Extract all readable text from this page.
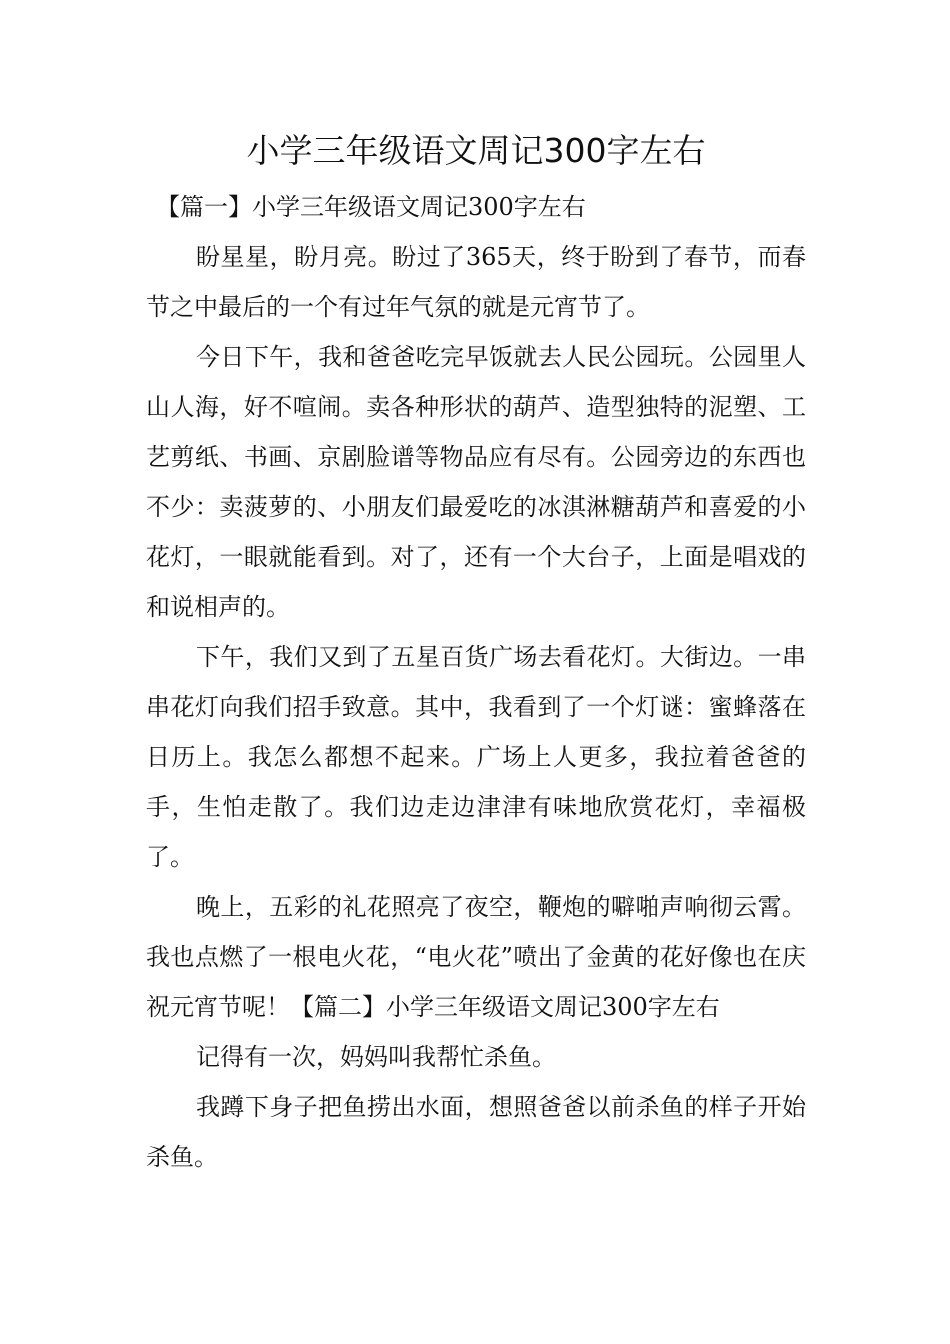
小学三年级语文周记300字左右

【篇一】小学三年级语文周记300字左右

盼星星，盼月亮。盼过了365天，终于盼到了春节，而春节之中最后的一个有过年气氛的就是元宵节了。

今日下午，我和爸爸吃完早饭就去人民公园玩。公园里人山人海，好不喧闹。卖各种形状的葫芦、造型独特的泥塑、工艺剪纸、书画、京剧脸谱等物品应有尽有。公园旁边的东西也不少：卖菠萝的、小朋友们最爱吃的冰淇淋糖葫芦和喜爱的小花灯，一眼就能看到。对了，还有一个大台子，上面是唱戏的和说相声的。

下午，我们又到了五星百货广场去看花灯。大街边。一串串花灯向我们招手致意。其中，我看到了一个灯谜：蜜蜂落在日历上。我怎么都想不起来。广场上人更多，我拉着爸爸的手，生怕走散了。我们边走边津津有味地欣赏花灯，幸福极了。

晚上，五彩的礼花照亮了夜空，鞭炮的噼啪声响彻云霄。我也点燃了一根电火花，“电火花”喷出了金黄的花好像也在庆祝元宵节呢！【篇二】小学三年级语文周记300字左右

记得有一次，妈妈叫我帮忙杀鱼。

我蹲下身子把鱼捞出水面，想照爸爸以前杀鱼的样子开始杀鱼。
